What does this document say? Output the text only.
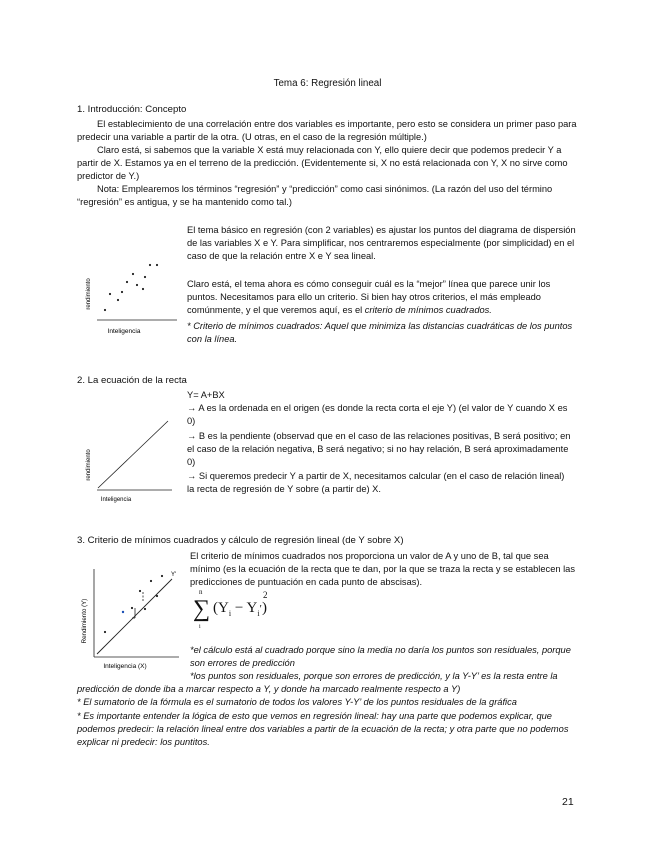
Tema 6: Regresión lineal
1. Introducción: Concepto

El establecimiento de una correlación entre dos variables es importante, pero esto se considera un primer paso para predecir una variable a partir de la otra. (U otras, en el caso de la regresión múltiple.)

Claro está, si sabemos que la variable X está muy relacionada con Y, ello quiere decir que podemos predecir Y a partir de X. Estamos ya en el terreno de la predicción. (Evidentemente si, X no está relacionada con Y, X no sirve como predictor de Y.)

Nota: Emplearemos los términos “regresión” y “predicción” como casi sinónimos. (La razón del uso del término “regresión” es antigua, y se ha mantenido como tal.)

rendimiento
Inteligencia

El tema básico en regresión (con 2 variables) es ajustar los puntos del diagrama de dispersión de las variables X e Y. Para simplificar, nos centraremos especialmente (por simplicidad) en el caso de que la relación entre X e Y sea lineal.

Claro está, el tema ahora es cómo conseguir cuál es la “mejor” línea que parece unir los puntos. Necesitamos para ello un criterio. Si bien hay otros criterios, el más empleado comúnmente, y el que veremos aquí, es el criterio de mínimos cuadrados.

* Criterio de mínimos cuadrados: Aquel que minimiza las distancias cuadráticas de los puntos con la línea.

2. La ecuación de la recta
Y= A+BX

→ A es la ordenada en el origen (es donde la recta corta el eje Y) (el valor de Y cuando X es 0)

→ B es la pendiente (observad que en el caso de las relaciones positivas, B será positivo; en el caso de la relación negativa, B será negativo; si no hay relación, B será aproximadamente 0)

→ Si queremos predecir Y a partir de X, necesitamos calcular (en el caso de relación lineal) la recta de regresión de Y sobre (a partir de) X.

rendimiento
Inteligencia
3. Criterio de mínimos cuadrados y cálculo de regresión lineal (de Y sobre X)

El criterio de mínimos cuadrados nos proporciona un valor de A y uno de B, tal que sea mínimo (es la ecuación de la recta que te dan, por la que se traza la recta y se establecen las predicciones de puntuación en cada punto de abscisas).

Y'
Rendimiento (Y)
Inteligencia (X)
n
∑
i
$(Y_i - Y_i')$
2

*el cálculo está al cuadrado porque sino la media no daría los puntos son residuales, porque son errores de predicción

*los puntos son residuales, porque son errores de predicción, y la Y-Y’ es la resta entre la predicción de donde iba a marcar respecto a Y, y donde ha marcado realmente respecto a Y)

* El sumatorio de la fórmula es el sumatorio de todos los valores Y-Y’ de los puntos residuales de la gráfica

* Es importante entender la lógica de esto que vemos en regresión lineal: hay una parte que podemos explicar, que podemos predecir: la relación lineal entre dos variables a partir de la ecuación de la recta; y otra parte que no podemos explicar ni predecir: los puntitos.

21
